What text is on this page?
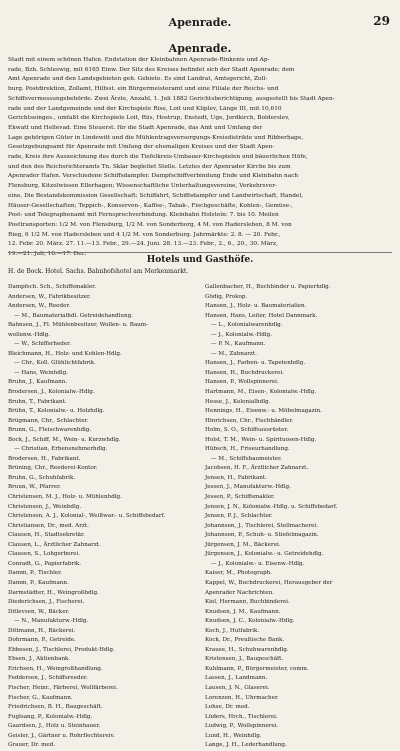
Apenrade.	29
Apenrade.
Stadt mit einem schönen Hafen. Endstation der Kleinbahnen Apenrade-Rinkenis und Ap-
rade, Bzh. Schleswig, mit 6165 Einw. Der Sitz des Kreises befindet sich der Stadt Apenrade; dem
Amt Apenrade und den Landsgebieten geh. Gebiete. Es sind Landrat, Amtsgericht, Zoll-
burg. Postdirektion, Zollamt, Hilfsst. ein Bürgermeisteramt und eine Filiale der Reichs- und
Schiffsvermessungsbehörde. Zwei Ärzte, Anzahl, 1. Juli 1882 Gerichtsberichtigung, ausgestellt bis Stadt Apen-
rade und der Landgemeinde und der Kirchspiele Rise, Loit und Kliplev, Länge III, mit 10,610
Gerichtseinges., umfaßt die Kirchspiele Loit, Riis, Hostrup, Enstedt, Uge, Jordkirch, Bolderslev,
Ekwatt und Hellevad. Eine Steuerst. für die Stadt Apenrade, das Amt und Umfang der
Lage gehörigen Güter in Lindewitt und die Mühlentragsversorgungs-Kreisdistrikte und Ribberhage,
Gesetzgebungsamt für Apenrade mit Umfang der ehemaligen Kreises und der Stadt Apen-
rade, Kreis ihre Auszeichnung des durch die Tiefelkreis-Umbauer-Kirchspielen und bäuerlichen Höfe,
und den des Reichsrichteramts Tn. Sklar begleitet Stelle. Letztes der Apenrader Kirche bis zum
Apenrader Hafen. Verschiedene Schiffsdampfer. Dampfschiffverbindung Ende und Kleinbahn nach
Flensburg, Kitzelwissen Ellerhagen; Wissenschaftliche Unterhaltungsvereine, Verkehrsver-
eine, Die Bestandskommission Gesellschaft; Schiffahrt, Schiffsdampfer und Landwirtschaft, Handel,
Häuser-Gesellschaften; Teppich-, Konserven-, Kaffee-, Tabak-, Fischgeschäfte, Kohlen-, Gemüse-,
Post- und Telegraphenamt mit Fernsprechverbindung. Kleinbahn Holstein: 7. bis 10. Meilen
Posttransporten: 1/2 M. von Flensburg, 1/2 M. von Sonderborg, 4 M. von Hadersleben, 8 M. von
Rieg, 6 1/2 M. von Hadersleben und 4 1/2 M. von Sonderburg. Jahrmärkte: 2. 8. — 20. Febr.,
12. Febr. 20. März. 27. 11.—13. Febr., 29.—24. Juni. 28. 13.—23. Febr., 2., 6., 20., 30. März,
19.—21. Juli, 16.—17. Dec.
Hotels und Gasthöfe.
H. de Bock. Hotel. Sachs. Bahnhofshotel am Merkenmarkt.
Dampfsch. Sch., Schiffsmakler.
Andersen, W., Fabrikbesitzer.
Andersen, W., Reeder.
— M., Baumaterialhdl. Getreidehandlung.
Bahnsen, J., Fl. Mühlenbesitzer, Wollen- u. Baum-
wollenw.-Hdlg.
— W., Schiffsrheder.
Bleichmann, H., Holz- und Kohlen-Hdlg.
— Chr., Koll. Glühlichtfabrik.
— Hans, Weinhdlg.
Bruhn, J., Kaufmann.
Brodersen, J., Kolonialw.-Hdlg.
Bruhn, T., Fabrikant.
Brühn, T., Kolonialw.- u. Holzhdlg.
Brügmann, Chr., Schlachter.
Brunn, G., Fleischwarenhdlg.
Bock, J., Schiff, M., Wein- u. Kurzwhdlg.
— Christian, Erbensnehmerhdlg.
Brodersen, H., Fabrikant.
Brüning, Chr., Reederei-Kontor.
Bruhn, G., Schuhfabrik.
Bruun, W., Pfarrer.
Christensen, M. J., Holz- u. Mühlenhdlg.
Christensen, J., Weinbdlg.
Christensen, A. J., Kolonial-, Weißwar.- u. Schiffsbedarf.
Christiansen, Dr., med. Arzt.
Clausen, H., Stadtsekretär.
Clausen, L., Ärztlicher Zahnarzt.
Clausen, S., Lohgerberei.
Conradt, G., Papierfabrik.
Damm, P., Tischler.
Damm, P., Kaufmann.
Darmstädter, H., Weingroßhdlg.
Diederichsen, J., Fischerei.
Ditlevsen, W., Bäcker.
— N., Manufakturw.-Hdlg.
Dittmann, H., Bäckerei.
Dohrmann, P., Getreide.
Ebbesen, J., Tischlerei, Produkt-Hdlg.
Ebsen, J., Aktienbank.
Erichsen, H., Weingroßhandlung.
Feddersen, J., Schiffsreeder.
Fischer, Heinr., Färberei, Wollfärberei.
Fischer, G., Kaufmann.
Friedrichsen, B. H., Baugeschäft.
Fuglsang, P., Kolonialw.-Hdlg.
Gaardsen, J., Holz u. Steinhauer.
Geisler, J., Gärtner u. Rohrflechtereiv.
Grauer, Dr. med.
Gallenbacher, H., Buchbinder u. Papierhdlg.
Gödig, Prokop.
Hansen, J., Holz- u. Baumaterialien.
Hansen, Hans, Leiter, Hotel Dannmark.
— L., Kolonialwarenhdlg.
— J., Kolonialw.-Hdlg.
— P. N., Kaufmann.
— M., Zahnarzt.
Hansen, J., Farben- u. Tapetenhdlg.
Hansen, H., Buchdruckerei.
Hansen, P., Wollspinnerei.
Hartmann, M., Eisen-, Kolonialw.-Hdlg.
Hesse, J., Kolonialhdlg.
Hennings, H., Eisenw.- u. Möbelmagazin.
Hinrichsen, Chr., Fischhändler.
Holm, S. O., Schiffsausrüster.
Holst, T. M., Wein- u. Spirituosen-Hdlg.
Hübsch, H., Friseurhandlung.
— M., Schiffsbaumeister.
Jacobsen, H. F., Ärztlicher Zahnarzt.
Jensen, H., Fabrikant.
Jessen, J., Manufakturw.-Hdlg.
Jessen, P., Schiffsmakler.
Jensen, J. N., Kolonialw.-Hdlg. u. Schiffsbedarf.
Jensen, P. J., Schlachter.
Johannsen, J., Tischlerei, Stellmacherei.
Johannsen, P., Schuh- u. Stiefelmagazin.
Jürgensen, J. M., Bäckerei.
Jürgensen, J., Kolonialw.- u. Getreidehdlg.
— J., Kolonialw.- u. Eisenw.-Hdlg.
Kaiser, M., Photograph.
Kappel, W., Buchdruckerei, Herausgeber der
Apenrader Nachrichten.
Kiel, Hermann, Buchbinderei.
Knudsen, J. M., Kaufmann.
Knudsen, J. C., Kolonialw.-Hdlg.
Koch, J., Hutfabrik.
Kock, Dr., Preußische Bank.
Krause, H., Schuhwarenhdlg.
Kristensen, J., Baugeschäft.
Kuhlmann, P., Bürgermeister, comm.
Lassen, J., Landmann.
Lausen, J. N., Glaserei.
Lorenzen, H., Uhrmacher.
Lohse, Dr. med.
Lüders, Hrch., Tischlerei.
Ludwig, P., Wollspinnerei.
Lund, H., Weinhdlg.
Lange, J. H., Lederhandlung.
